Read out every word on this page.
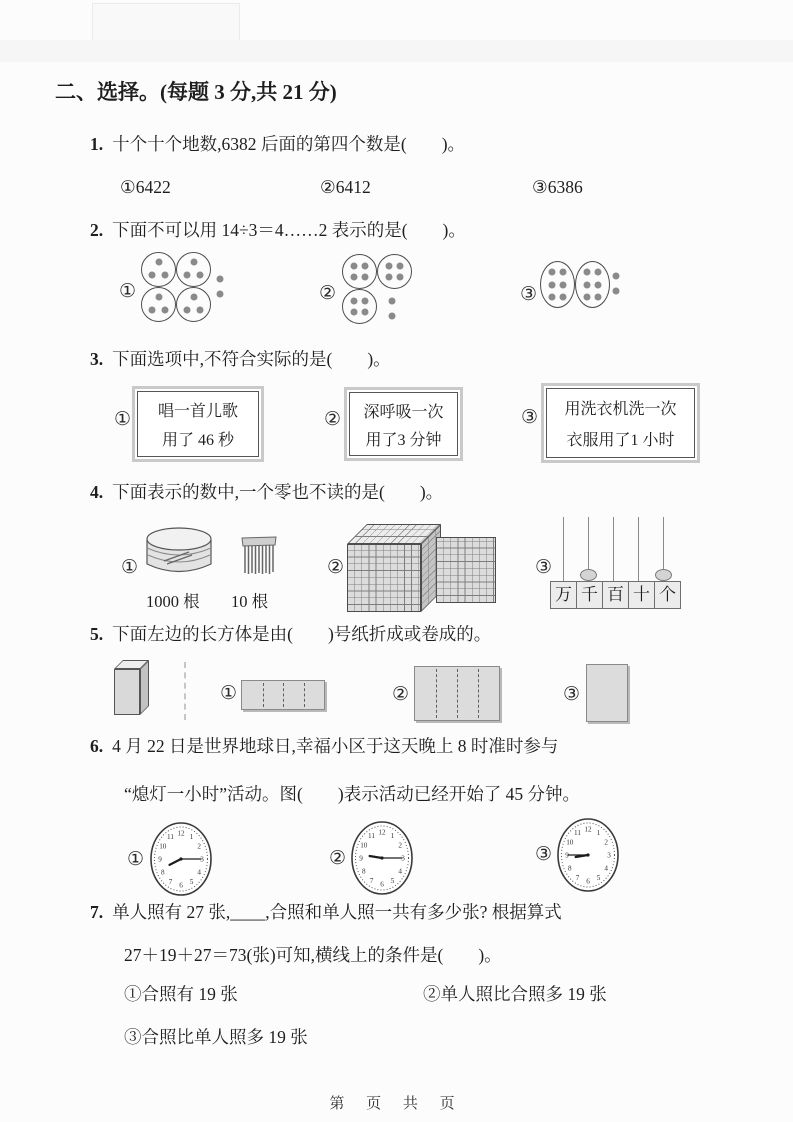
二、选择。(每题 3 分,共 21 分)
1. 十个十个地数,6382 后面的第四个数是(　　)。
①6422	②6412	③6386
2. 下面不可以用 14÷3＝4……2 表示的是(　　)。
①	②	③
3. 下面选项中,不符合实际的是(　　)。
① 唱一首儿歌
用了 46 秒
② 深呼吸一次
用了3 分钟
③ 用洗衣机洗一次
衣服用了1 小时
4. 下面表示的数中,一个零也不读的是(　　)。
①
1000 根 10 根
②	③
万 千 百 十 个
5. 下面左边的长方体是由(　　)号纸折成或卷成的。
①	②	③
6. 4 月 22 日是世界地球日,幸福小区于这天晚上 8 时准时参与
“熄灯一小时”活动。图(　　)表示活动已经开始了 45 分钟。
①
1
2
3
4
5
6
7
8
9
10
11 12
②
1
2
3
4
5
6
7
8
9
10
11 12
③
1
2
3
4
5
6
7
8
9
10
11 12
7. 单人照有 27 张,____,合照和单人照一共有多少张? 根据算式
27＋19＋27＝73(张)可知,横线上的条件是(　　)。
①合照有 19 张	②单人照比合照多 19 张
③合照比单人照多 19 张
第 页 共 页
